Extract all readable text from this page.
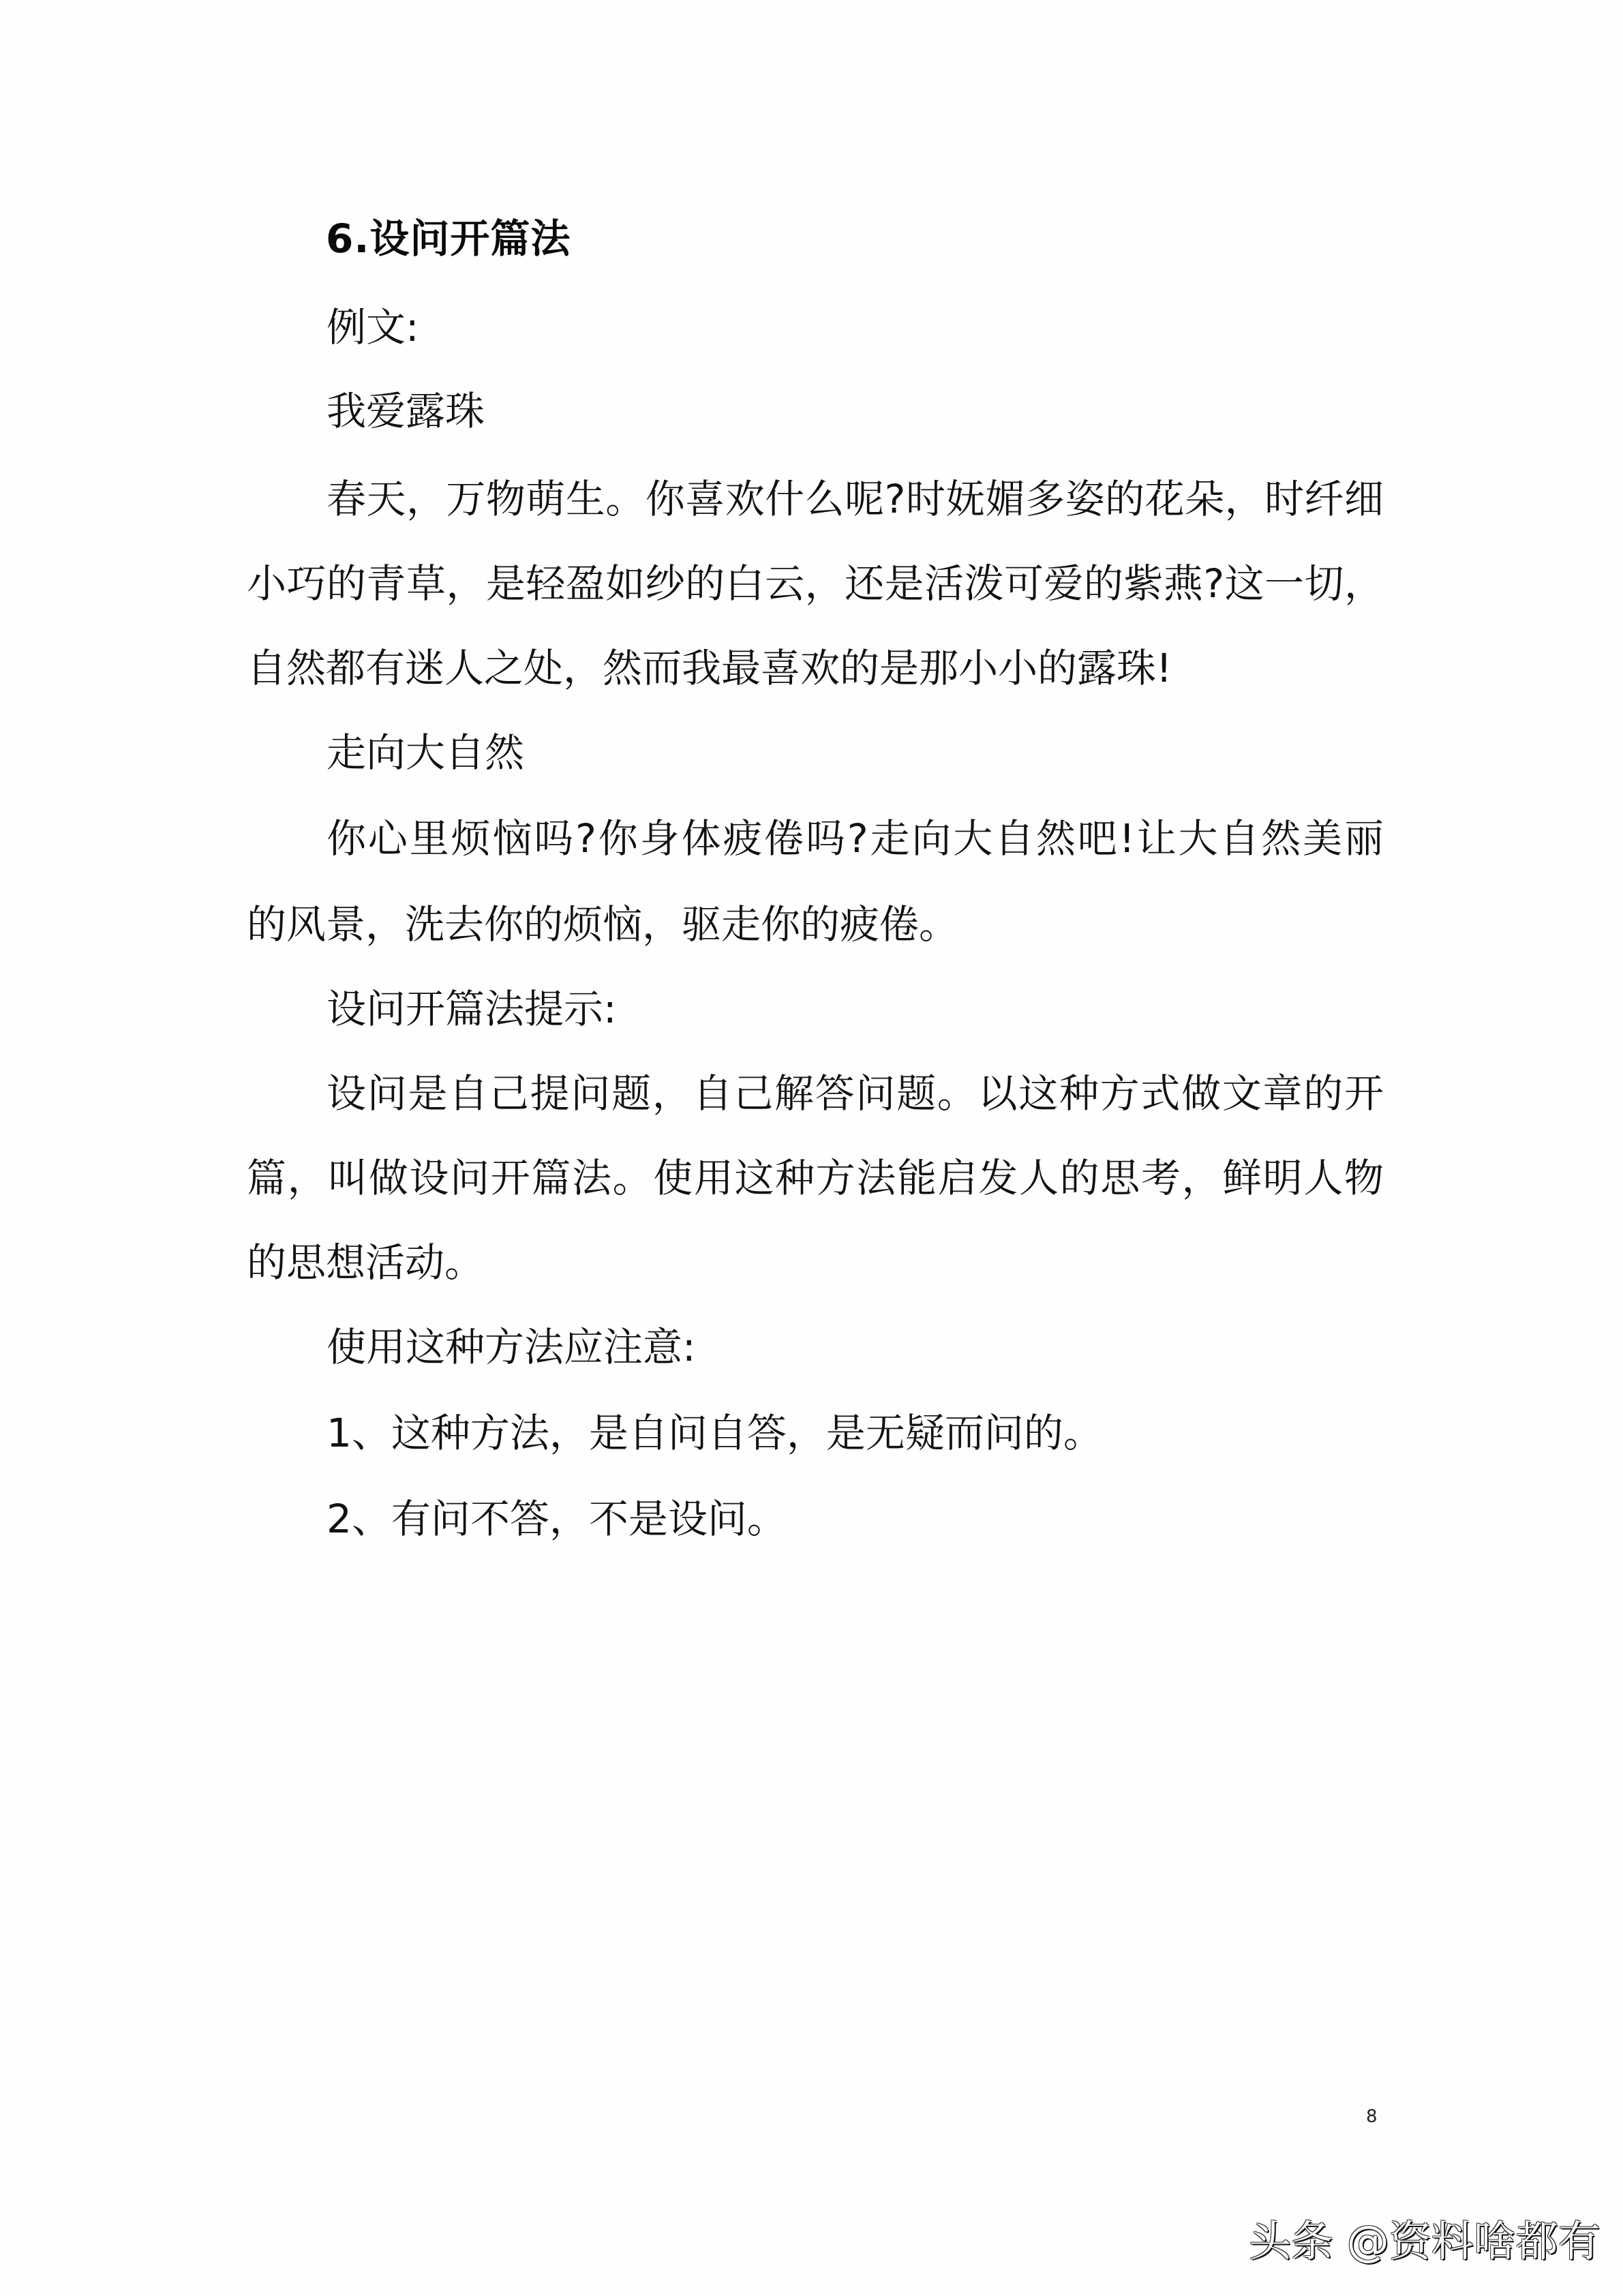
6.设问开篇法
例文:
我爱露珠
春天，万物萌生。你喜欢什么呢?时妩媚多姿的花朵，时纤细
小巧的青草，是轻盈如纱的白云，还是活泼可爱的紫燕?这一切，
自然都有迷人之处，然而我最喜欢的是那小小的露珠!
走向大自然
你心里烦恼吗?你身体疲倦吗?走向大自然吧!让大自然美丽
的风景，洗去你的烦恼，驱走你的疲倦。
设问开篇法提示:
设问是自己提问题，自己解答问题。以这种方式做文章的开
篇，叫做设问开篇法。使用这种方法能启发人的思考，鲜明人物
的思想活动。
使用这种方法应注意:
1、这种方法，是自问自答，是无疑而问的。
2、有问不答，不是设问。
8
头条 @资料啥都有
